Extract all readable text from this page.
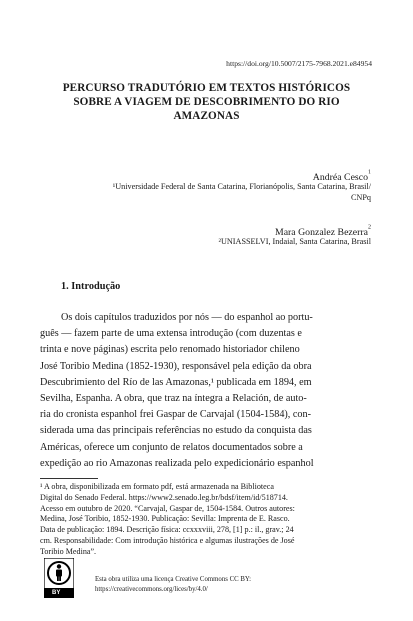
https://doi.org/10.5007/2175-7968.2021.e84954
PERCURSO TRADUTÓRIO EM TEXTOS HISTÓRICOS
SOBRE A VIAGEM DE DESCOBRIMENTO DO RIO
AMAZONAS
Andréa Cesco$^1$
¹Universidade Federal de Santa Catarina, Florianópolis, Santa Catarina, Brasil/
CNPq
Mara Gonzalez Bezerra$^2$
²UNIASSELVI, Indaial, Santa Catarina, Brasil
1. Introdução
Os dois capítulos traduzidos por nós — do espanhol ao portu-
guês — fazem parte de uma extensa introdução (com duzentas e
trinta e nove páginas) escrita pelo renomado historiador chileno
José Toribio Medina (1852-1930), responsável pela edição da obra
Descubrimiento del Río de las Amazonas,¹ publicada em 1894, em
Sevilha, Espanha. A obra, que traz na íntegra a Relación, de auto-
ria do cronista espanhol frei Gaspar de Carvajal (1504-1584), con-
siderada uma das principais referências no estudo da conquista das
Américas, oferece um conjunto de relatos documentados sobre a
expedição ao rio Amazonas realizada pelo expedicionário espanhol
¹ A obra, disponibilizada em formato pdf, está armazenada na Biblioteca
Digital do Senado Federal. https://www2.senado.leg.br/bdsf/item/id/518714.
Acesso em outubro de 2020. “Carvajal, Gaspar de, 1504-1584. Outros autores:
Medina, José Toribio, 1852-1930. Publicação: Sevilla: Imprenta de E. Rasco.
Data de publicação: 1894. Descrição física: ccxxxviii, 278, [1] p.: il., grav.; 24
cm. Responsabilidade: Com introdução histórica e algumas ilustrações de José
Toribio Medina”.
BY
Esta obra utiliza uma licença Creative Commons CC BY:
https://creativecommons.org/lices/by/4.0/
